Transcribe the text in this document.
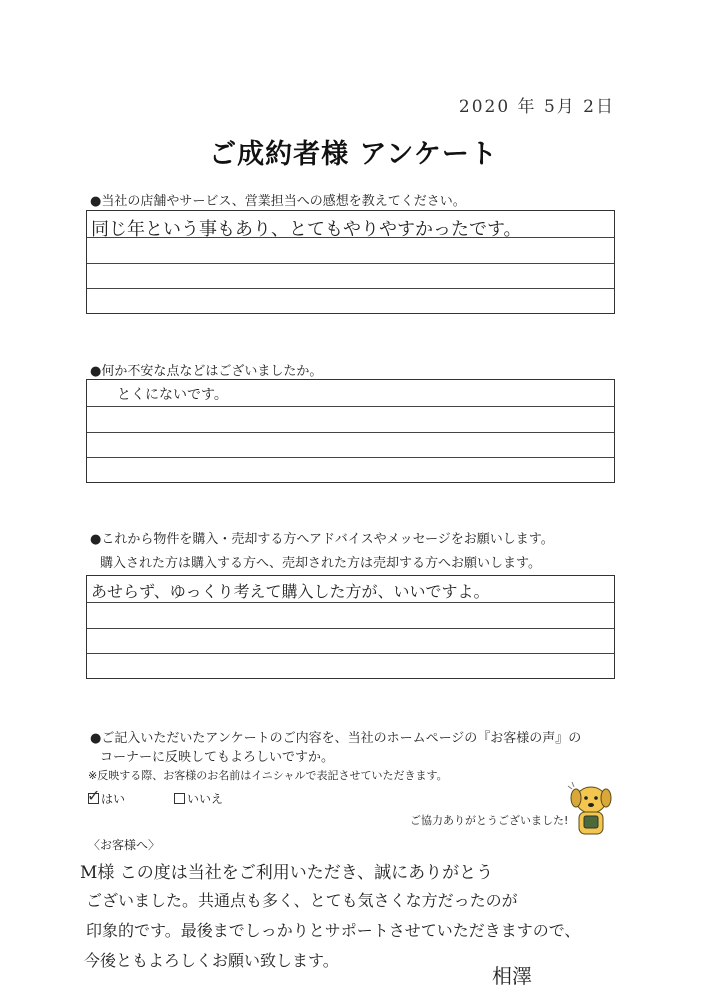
2020 年 5月 2日
ご成約者様 アンケート
●当社の店舗やサービス、営業担当への感想を教えてください。
同じ年という事もあり、とてもやりやすかったです。
●何か不安な点などはございましたか。
とくにないです。
●これから物件を購入・売却する方へアドバイスやメッセージをお願いします。
購入された方は購入する方へ、売却された方は売却する方へお願いします。
あせらず、ゆっくり考えて購入した方が、いいですよ。
●ご記入いただいたアンケートのご内容を、当社のホームページの『お客様の声』の
コーナーに反映してもよろしいですか。
※反映する際、お客様のお名前はイニシャルで表記させていただきます。
✓ はい	いいえ
ご協力ありがとうございました!
〈お客様へ〉
M様 この度は当社をご利用いただき、誠にありがとう
ございました。共通点も多く、とても気さくな方だったのが
印象的です。最後までしっかりとサポートさせていただきますので、
今後ともよろしくお願い致します。
相澤
